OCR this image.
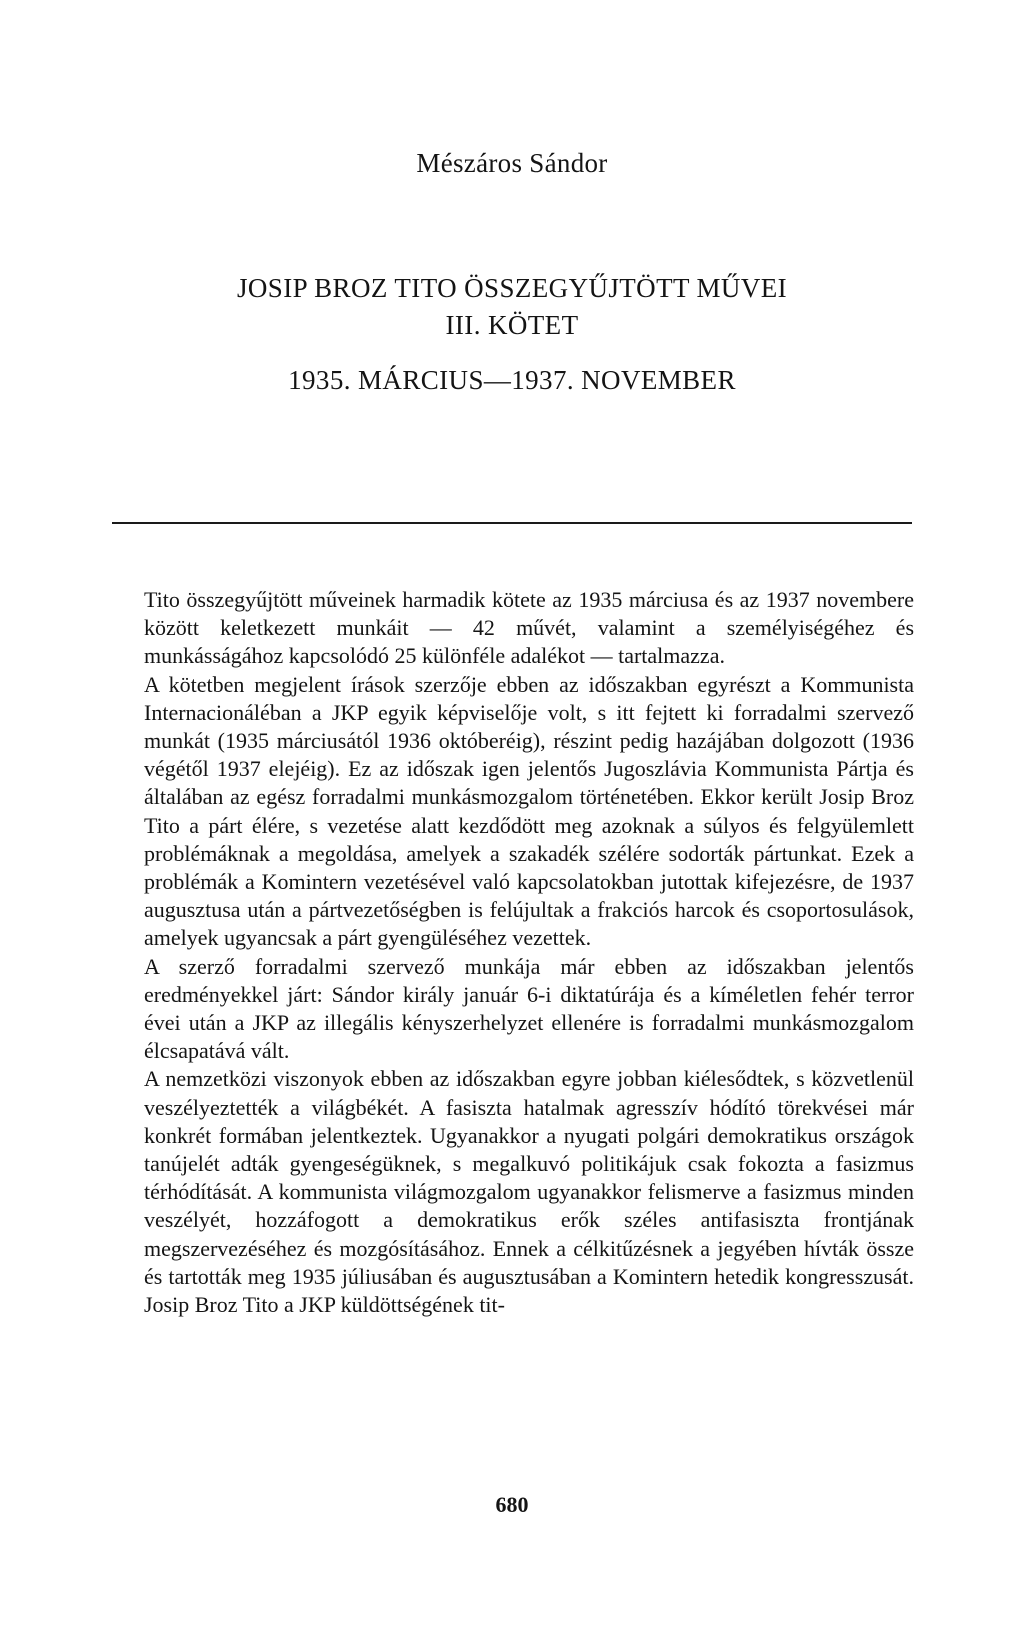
Mészáros Sándor
JOSIP BROZ TITO ÖSSZEGYŰJTÖTT MŰVEI
III. KÖTET
1935. MÁRCIUS—1937. NOVEMBER

Tito összegyűjtött műveinek harmadik kötete az 1935 márciusa és az 1937 novembere között keletkezett munkáit — 42 művét, valamint a személyiségéhez és munkásságához kapcsolódó 25 különféle adalékot — tartalmazza.

A kötetben megjelent írások szerzője ebben az időszakban egyrészt a Kommunista Internacionáléban a JKP egyik képviselője volt, s itt fejtett ki forradalmi szervező munkát (1935 márciusától 1936 októberéig), részint pedig hazájában dolgozott (1936 végétől 1937 elejéig). Ez az időszak igen jelentős Jugoszlávia Kommunista Pártja és általában az egész forradalmi munkásmozgalom történetében. Ekkor került Josip Broz Tito a párt élére, s vezetése alatt kezdődött meg azoknak a súlyos és felgyülemlett problémáknak a megoldása, amelyek a szakadék szélére sodorták pártunkat. Ezek a problémák a Komintern vezetésével való kapcsolatokban jutottak kifejezésre, de 1937 augusztusa után a pártvezetőségben is felújultak a frakciós harcok és csoportosulások, amelyek ugyancsak a párt gyengüléséhez vezettek.

A szerző forradalmi szervező munkája már ebben az időszakban jelentős eredményekkel járt: Sándor király január 6-i diktatúrája és a kíméletlen fehér terror évei után a JKP az illegális kényszerhelyzet ellenére is forradalmi munkásmozgalom élcsapatává vált.

A nemzetközi viszonyok ebben az időszakban egyre jobban kiélesődtek, s közvetlenül veszélyeztették a világbékét. A fasiszta hatalmak agresszív hódító törekvései már konkrét formában jelentkeztek. Ugyanakkor a nyugati polgári demokratikus országok tanújelét adták gyengeségüknek, s megalkuvó politikájuk csak fokozta a fasizmus térhódítását. A kommunista világmozgalom ugyanakkor felismerve a fasizmus minden veszélyét, hozzáfogott a demokratikus erők széles antifasiszta frontjának megszervezéséhez és mozgósításához. Ennek a célkitűzésnek a jegyében hívták össze és tartották meg 1935 júliusában és augusztusában a Komintern hetedik kongresszusát. Josip Broz Tito a JKP küldöttségének tit-

680
